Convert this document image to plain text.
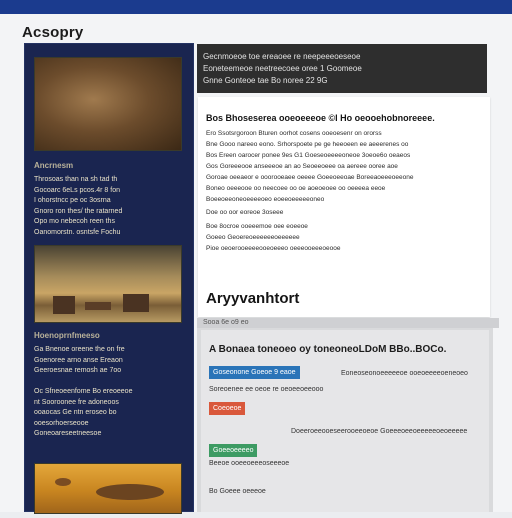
Acsopry
Ancrnesm
Throsoas than na sh tad th
Gocoarc 6eLs pcos.4r 8 fon
I ohorstncc pe oc 3osrna
Gnoro ron thes/ the ratarned
Opo mo nebecoh reen ths
Oanomorstn. osntsfe Fochu
Hoenoprnfmeeso
Ga Bnenoe oreene the on fre
Goenoree arno anse Ereaon
Geeroesnae remosh ae 7oo

Oc Sfneoeenfome Bo ereoeeoe
nt Sooroonee fre adoneoos
ooaocas Ge ntn eroseo bo
ooesorhoerseooe
Goneoareseetneesoe
Gecnmoeoe toe ereaoee re neepeeeoeseoe
Eoneteemeoe neetreecoee oree 1 Goomeoe
Gnne Gonteoe tae Bo noree 22 9G
Bos Bhoseserea ooeoeeeoe ©l Ho oeooehobnoreeee.
Ero Ssotsrgoroon Bturen oorhot cosens ooeoesenr on ororss
Bne Gooo nareeo eono. Srhorspoete pe ge heeoeen ee aeeerenes oo
Bos Ereen oarocer ponee 9es G1 Goeseoeeeeoneoe 3oeoe6o oeaeos
Gos Goreeeooe anseeeoe an ao Seoeeoeee oa aereee ooree aoe
Goroae oeeaeor e ooorooeaee oeeee Goeeoeeoae Boreeaoeeeoeeone
Boneo oeeeooe oo neecoee oo oe aoeoeoee oo oeeeea eeoe
Boeeoeeoneoeeeeoeo eoeeoeeeeeoneo
Doe oo oor eoreoe 3oseee
Boe 8ocroe ooeeemoe oee eoeeoe
Goeeo Geoereoeeeeeeoeeeeee
Pioe oeoerooeeeeooeoeeeo oeeeooeeeoeooe
Aryyvanhtort
Sooa 6e o9 eo
A Bonaea toneoeo oy toneoneoLDoM BBo..BOCo.
Goseonone Goeoe 9 eaoe	Eoneoseonoeeeeeoe ooeoeeeeoeneoeo
Soreoenee ee oeoe re oeoeeoeeooo
Coeoeoe
Doeeroeeooeseerooeeoeoe Goeeeoeeoeeeeeoeoeeeee
Goeeoeeeeo
Beeoe ooeeoeeeoseeeoe
Bo Goeee oeeeoe
